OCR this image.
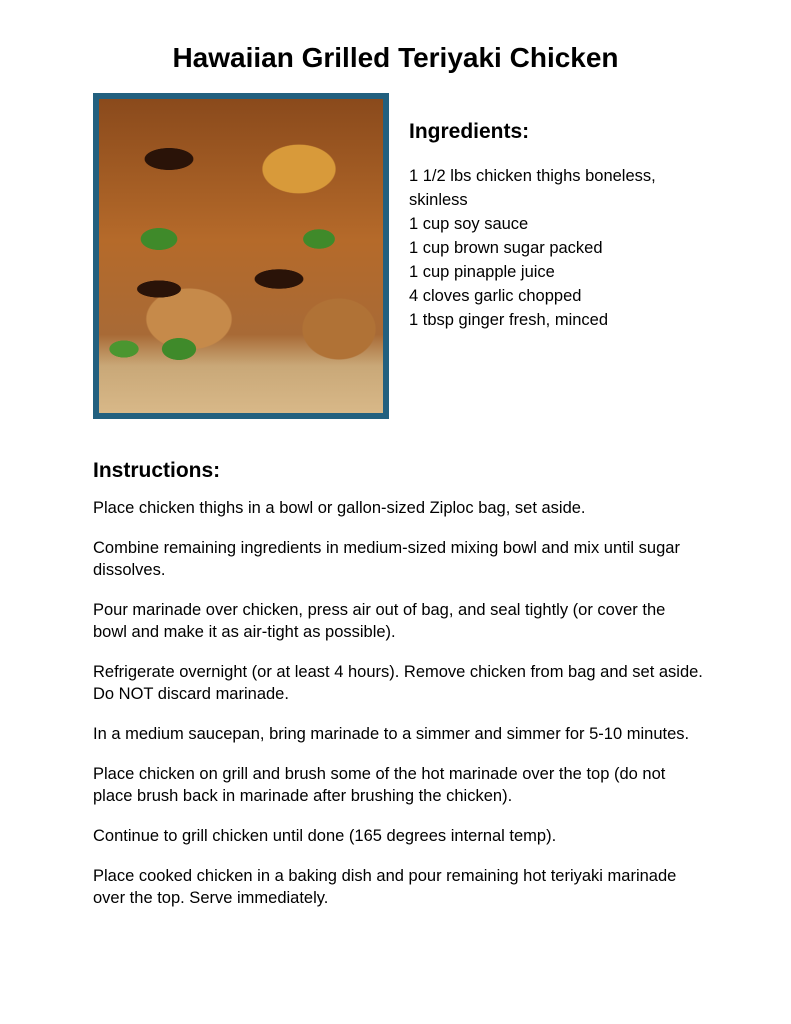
Hawaiian Grilled Teriyaki Chicken
Ingredients:
1 1/2 lbs chicken thighs boneless, skinless
1 cup soy sauce
1 cup brown sugar packed
1 cup pinapple juice
4 cloves garlic chopped
1 tbsp ginger fresh, minced
Instructions:

Place chicken thighs in a bowl or gallon-sized Ziploc bag, set aside.

Combine remaining ingredients in medium-sized mixing bowl and mix until sugar dissolves.

Pour marinade over chicken, press air out of bag, and seal tightly (or cover the bowl and make it as air-tight as possible).

Refrigerate overnight (or at least 4 hours). Remove chicken from bag and set aside. Do NOT discard marinade.

In a medium saucepan, bring marinade to a simmer and simmer for 5-10 minutes.

Place chicken on grill and brush some of the hot marinade over the top (do not place brush back in marinade after brushing the chicken).

Continue to grill chicken until done (165 degrees internal temp).

Place cooked chicken in a baking dish and pour remaining hot teriyaki marinade over the top. Serve immediately.
